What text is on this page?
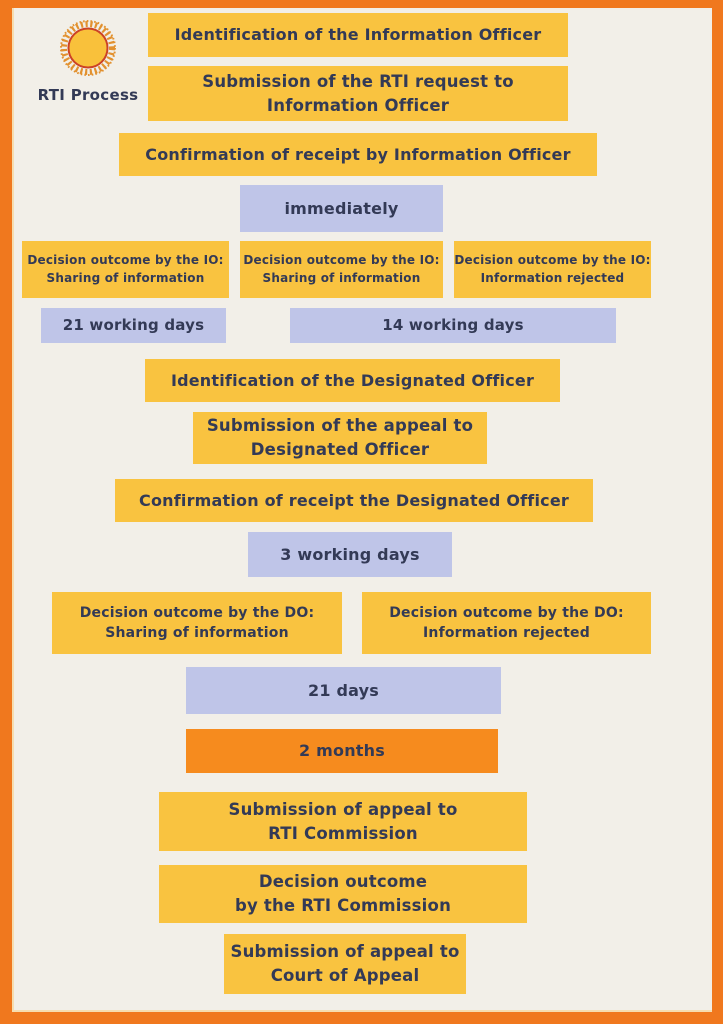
RTI Process
Identification of the Information Officer
Submission of the RTI request to
Information Officer
Confirmation of receipt by Information Officer
immediately
Decision outcome by the IO:
Sharing of information
Decision outcome by the IO:
Sharing of information
Decision outcome by the IO:
Information rejected
21 working days	14 working days
Identification of the Designated Officer
Submission of the appeal to
Designated Officer
Confirmation of receipt the Designated Officer
3 working days
Decision outcome by the DO:
Sharing of information
Decision outcome by the DO:
Information rejected
21 days
2 months
Submission of appeal to
RTI Commission
Decision outcome
by the RTI Commission
Submission of appeal to
Court of Appeal
